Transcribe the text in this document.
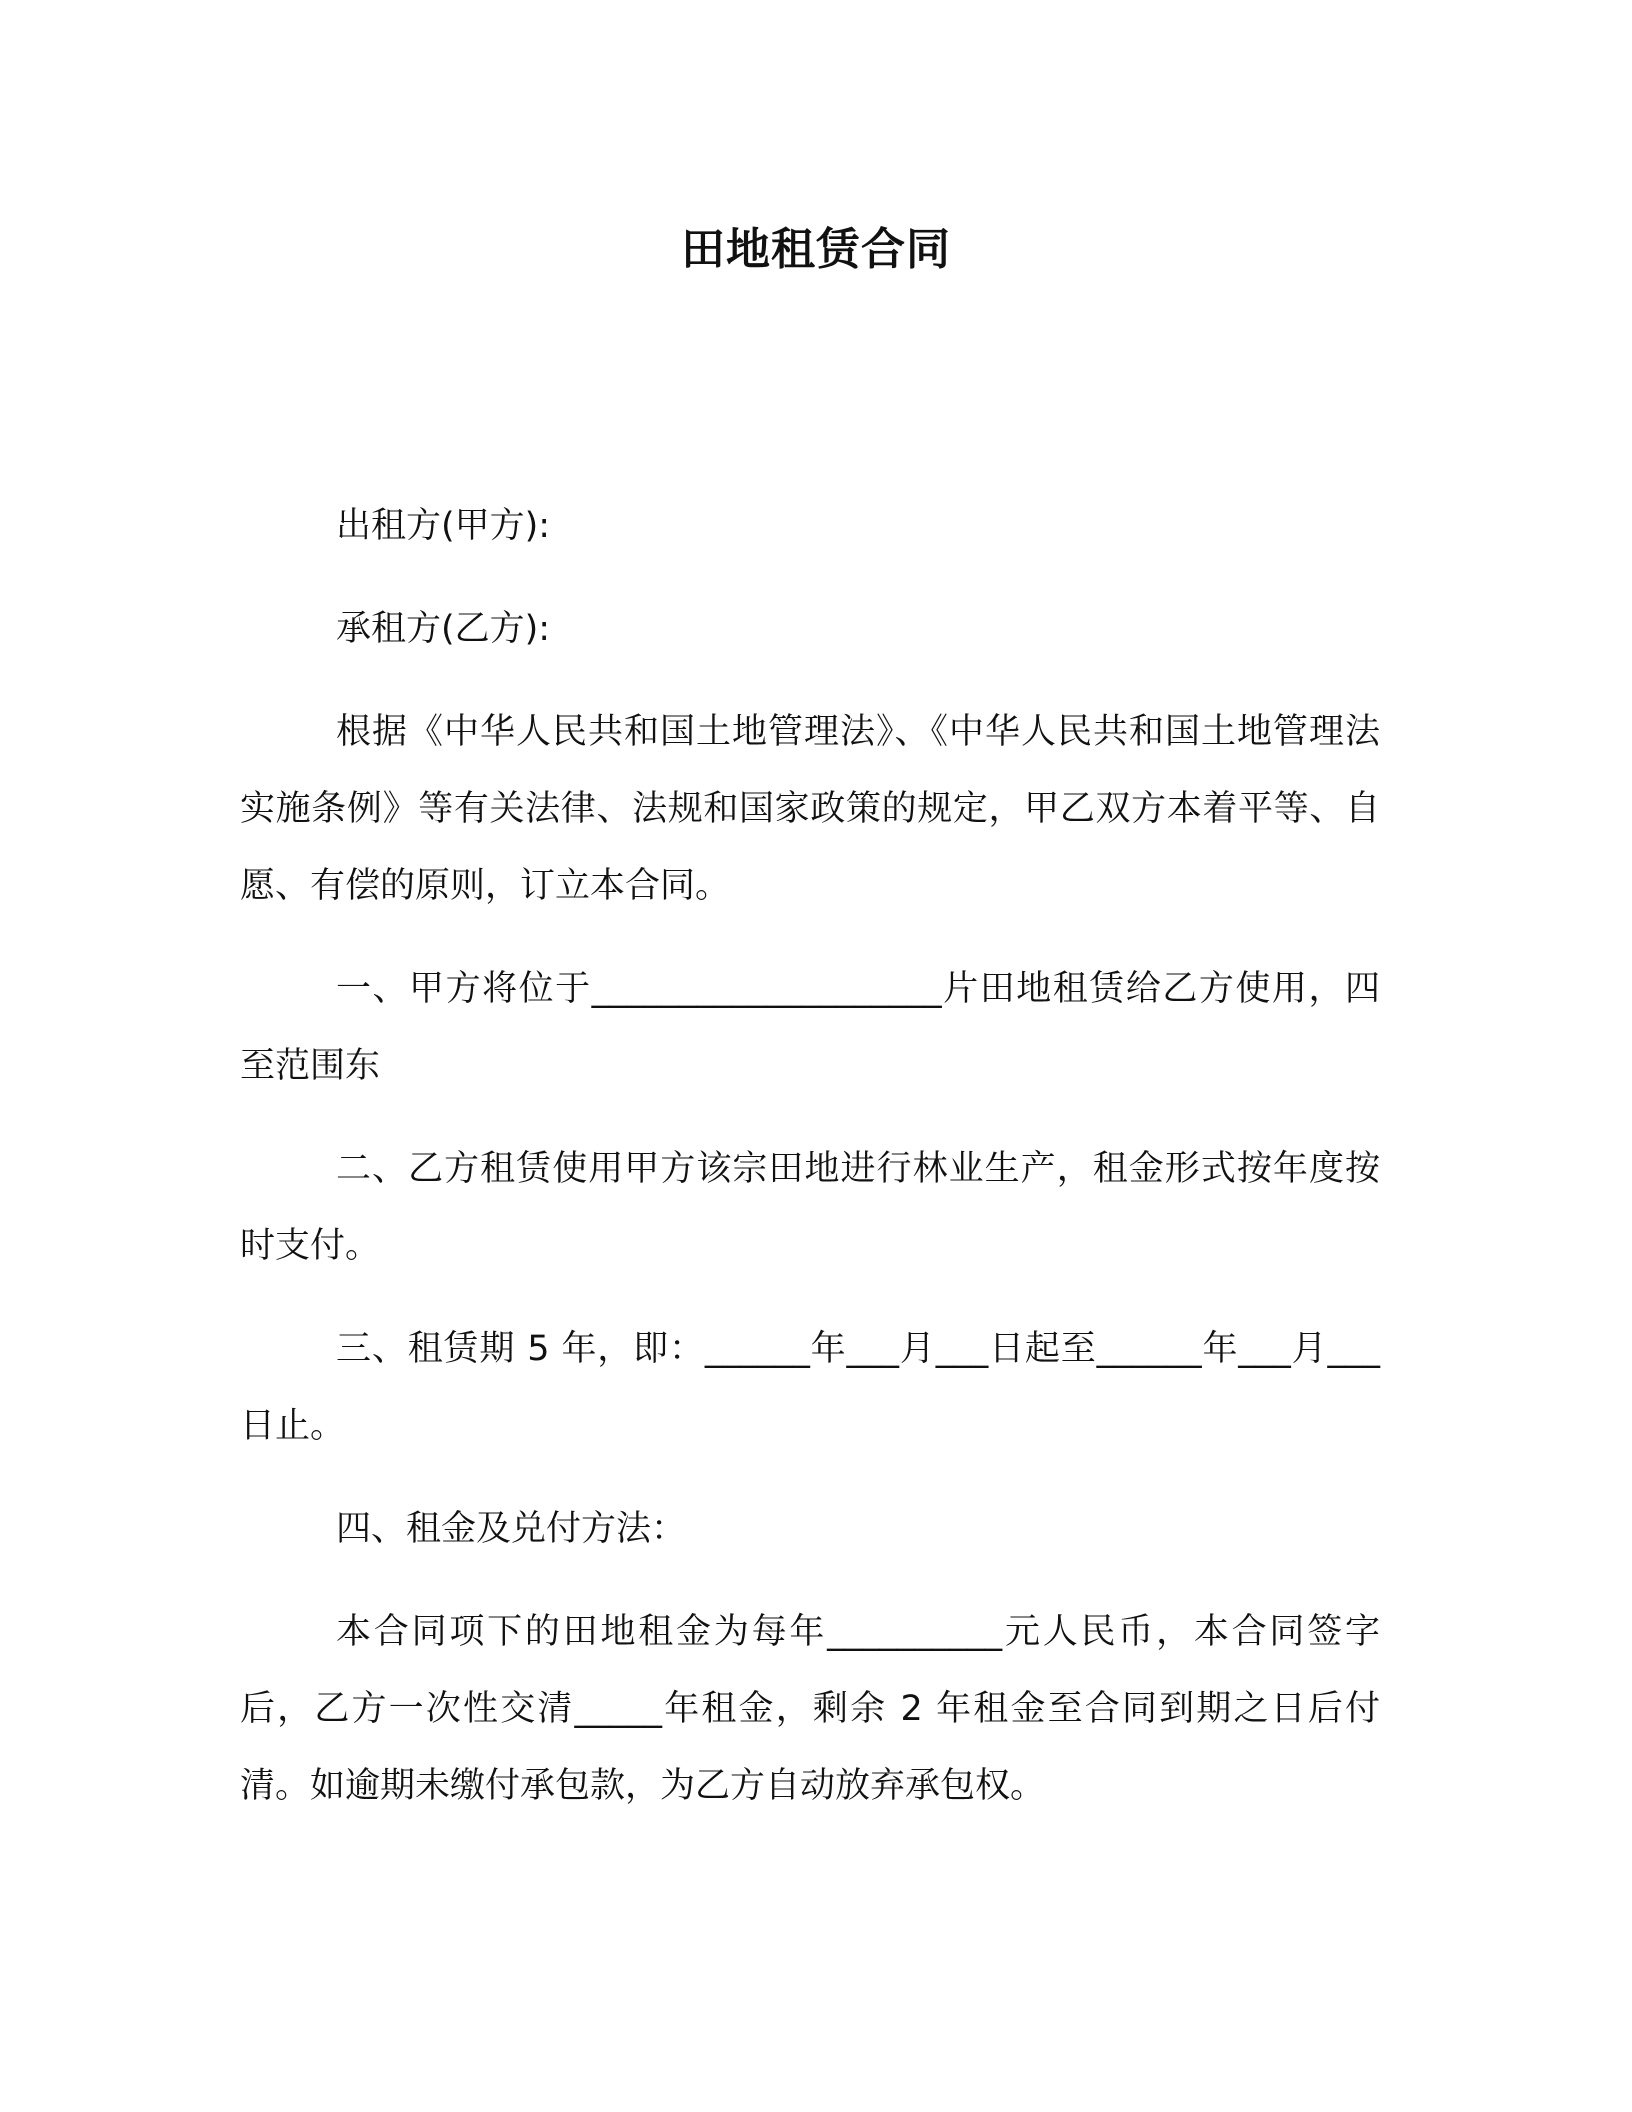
田地租赁合同

出租方(甲方):

承租方(乙方):

根据《中华人民共和国土地管理法》、《中华人民共和国土地管理法实施条例》等有关法律、法规和国家政策的规定，甲乙双方本着平等、自愿、有偿的原则，订立本合同。

一、甲方将位于____________________片田地租赁给乙方使用，四至范围东

二、乙方租赁使用甲方该宗田地进行林业生产，租金形式按年度按时支付。

三、租赁期 5 年，即：______年___月___日起至______年___月___日止。

四、租金及兑付方法：

本合同项下的田地租金为每年__________元人民币，本合同签字后，乙方一次性交清_____年租金，剩余 2 年租金至合同到期之日后付清。如逾期未缴付承包款，为乙方自动放弃承包权。
